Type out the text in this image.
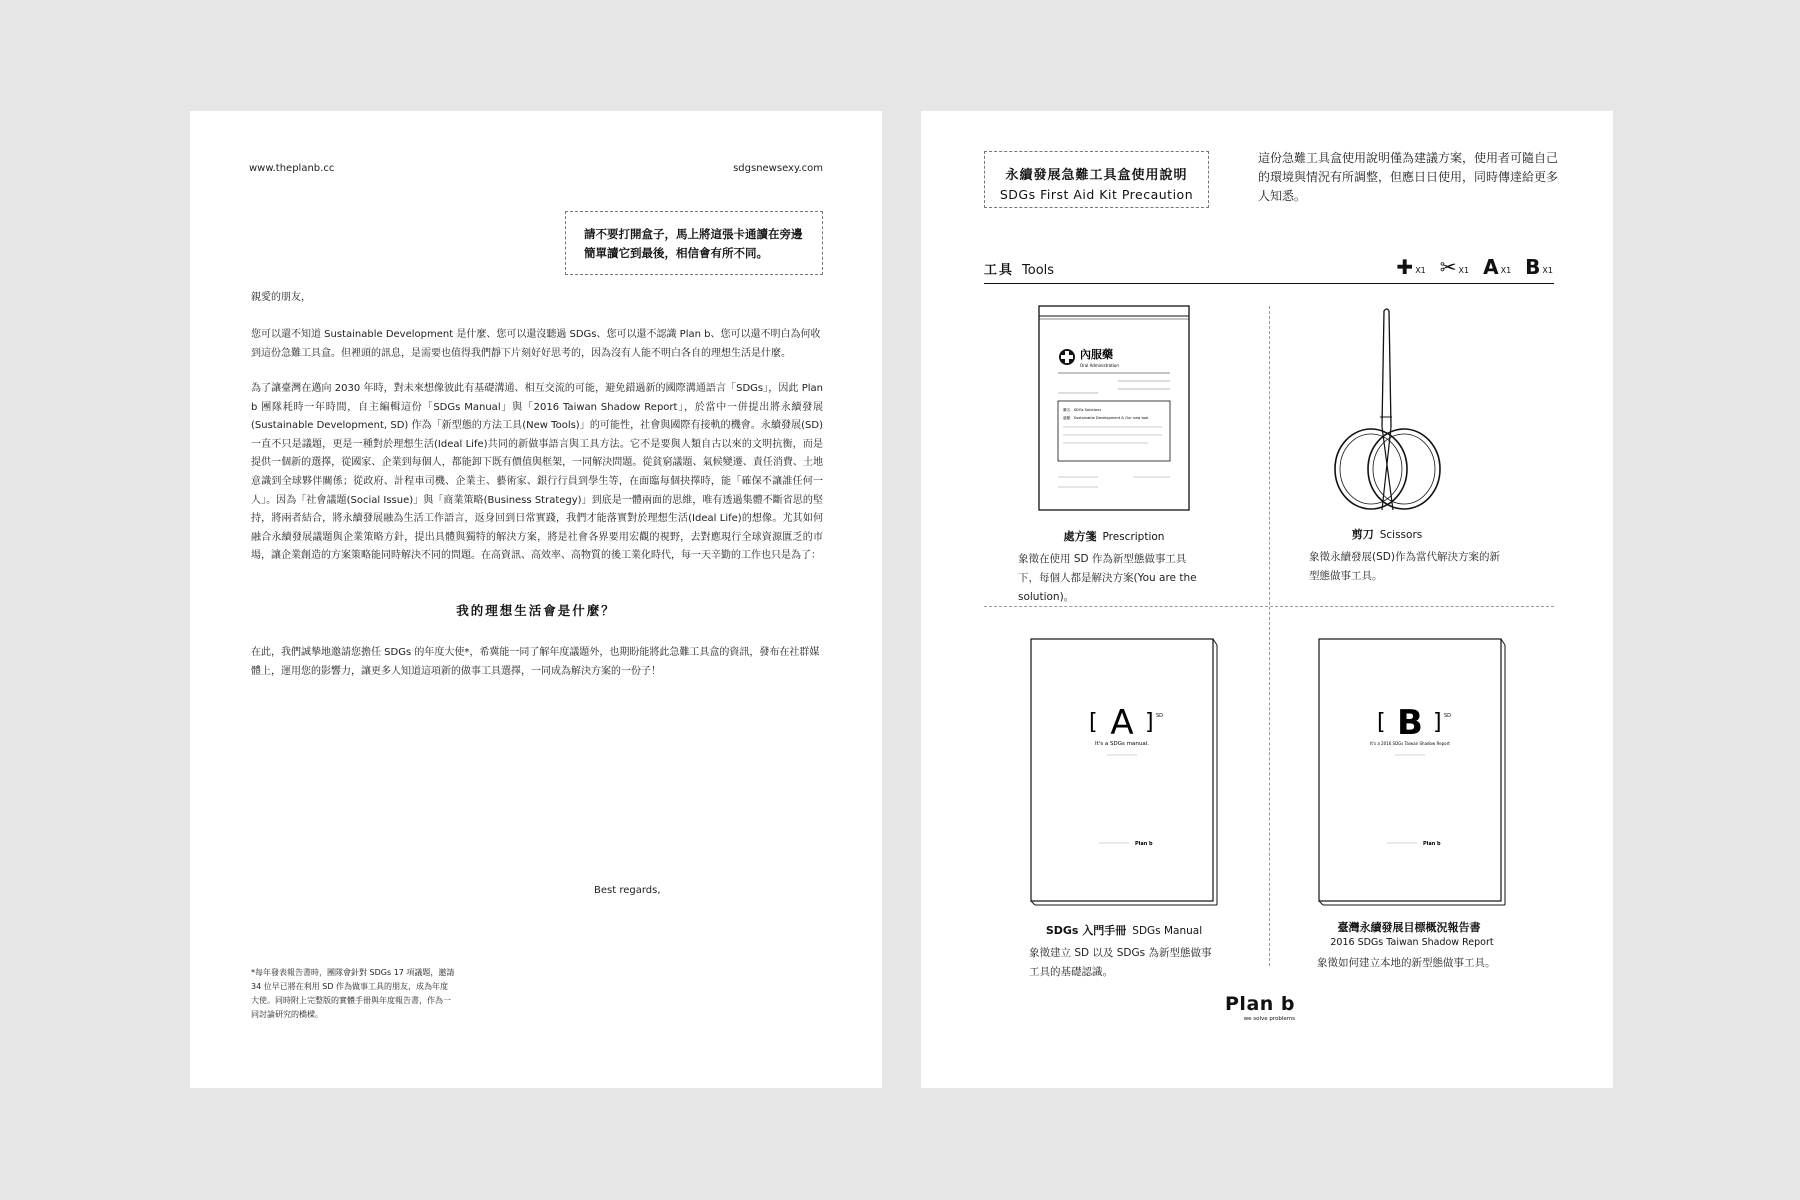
www.theplanb.cc	sdgsnewsexy.com
請不要打開盒子，馬上將這張卡通讀在旁邊
簡單讀它到最後，相信會有所不同。
親愛的朋友，
您可以還不知道 Sustainable Development 是什麼、您可以還沒聽過 SDGs、您可以還不認識 Plan b、您可以還不明白為何收到這份急難工具盒。但裡頭的訊息，是需要也值得我們靜下片刻好好思考的，因為沒有人能不明白各自的理想生活是什麼。
為了讓臺灣在邁向 2030 年時，對未來想像彼此有基礎溝通、相互交流的可能，避免錯過新的國際溝通語言「SDGs」，因此 Plan b 團隊耗時一年時間，自主編輯這份「SDGs Manual」與「2016 Taiwan Shadow Report」，於當中一併提出將永續發展(Sustainable Development, SD) 作為「新型態的方法工具(New Tools)」的可能性，社會與國際有接軌的機會。永續發展(SD)一直不只是議題，更是一種對於理想生活(Ideal Life)共同的新做事語言與工具方法。它不是要與人類自古以來的文明抗衡，而是提供一個新的選擇，從國家、企業到每個人，都能卸下既有價值與框架，一同解決問題。從貧窮議題、氣候變遷、責任消費、土地意識到全球夥伴關係；從政府、計程車司機、企業主、藝術家、銀行行員到學生等，在面臨每個抉擇時，能「確保不讓誰任何一人」。因為「社會議題(Social Issue)」與「商業策略(Business Strategy)」到底是一體兩面的思維，唯有透過集體不斷省思的堅持，將兩者結合，將永續發展融為生活工作語言，返身回到日常實踐，我們才能落實對於理想生活(Ideal Life)的想像。尤其如何融合永續發展議題與企業策略方針，提出具體與獨特的解決方案，將是社會各界要用宏觀的視野，去對應現行全球資源匱乏的市場，讓企業創造的方案策略能同時解決不同的問題。在高資訊、高效率、高物質的後工業化時代，每一天辛勤的工作也只是為了：
我的理想生活會是什麼？
在此，我們誠摯地邀請您擔任 SDGs 的年度大使*，希冀能一同了解年度議題外，也期盼能將此急難工具盒的資訊，發布在社群媒體上，運用您的影響力，讓更多人知道這項新的做事工具選擇，一同成為解決方案的一份子！
Best regards,
*每年發表報告書時，團隊會針對 SDGs 17 項議題，邀請 34 位早已將在利用 SD 作為做事工具的朋友，成為年度大使。同時附上完整版的實體手冊與年度報告書，作為一同討論研究的橋樑。
永續發展急難工具盒使用說明
SDGs First Aid Kit Precaution
這份急難工具盒使用說明僅為建議方案，使用者可隨自己的環境與情況有所調整，但應日日使用，同時傳達給更多人知悉。
工具 Tools	✚ X1 ✂ X1 A X1 B X1
內服藥
Oral Administration
藥名：SDGs Solutions
適應：Sustainable Development & Our new tool
處方箋 Prescription
象徵在使用 SD 作為新型態做事工具下，每個人都是解決方案(You are the solution)。
剪刀 Scissors
象徵永續發展(SD)作為當代解決方案的新型態做事工具。
[ A ] SD
It's a SDGs manual.
Plan b
SDGs 入門手冊 SDGs Manual
象徵建立 SD 以及 SDGs 為新型態做事工具的基礎認識。
[ B ] SD
It's a 2016 SDGs Taiwan Shadow Report
Plan b
臺灣永續發展目標概況報告書
2016 SDGs Taiwan Shadow Report
象徵如何建立本地的新型態做事工具。
Plan b
we solve problems
